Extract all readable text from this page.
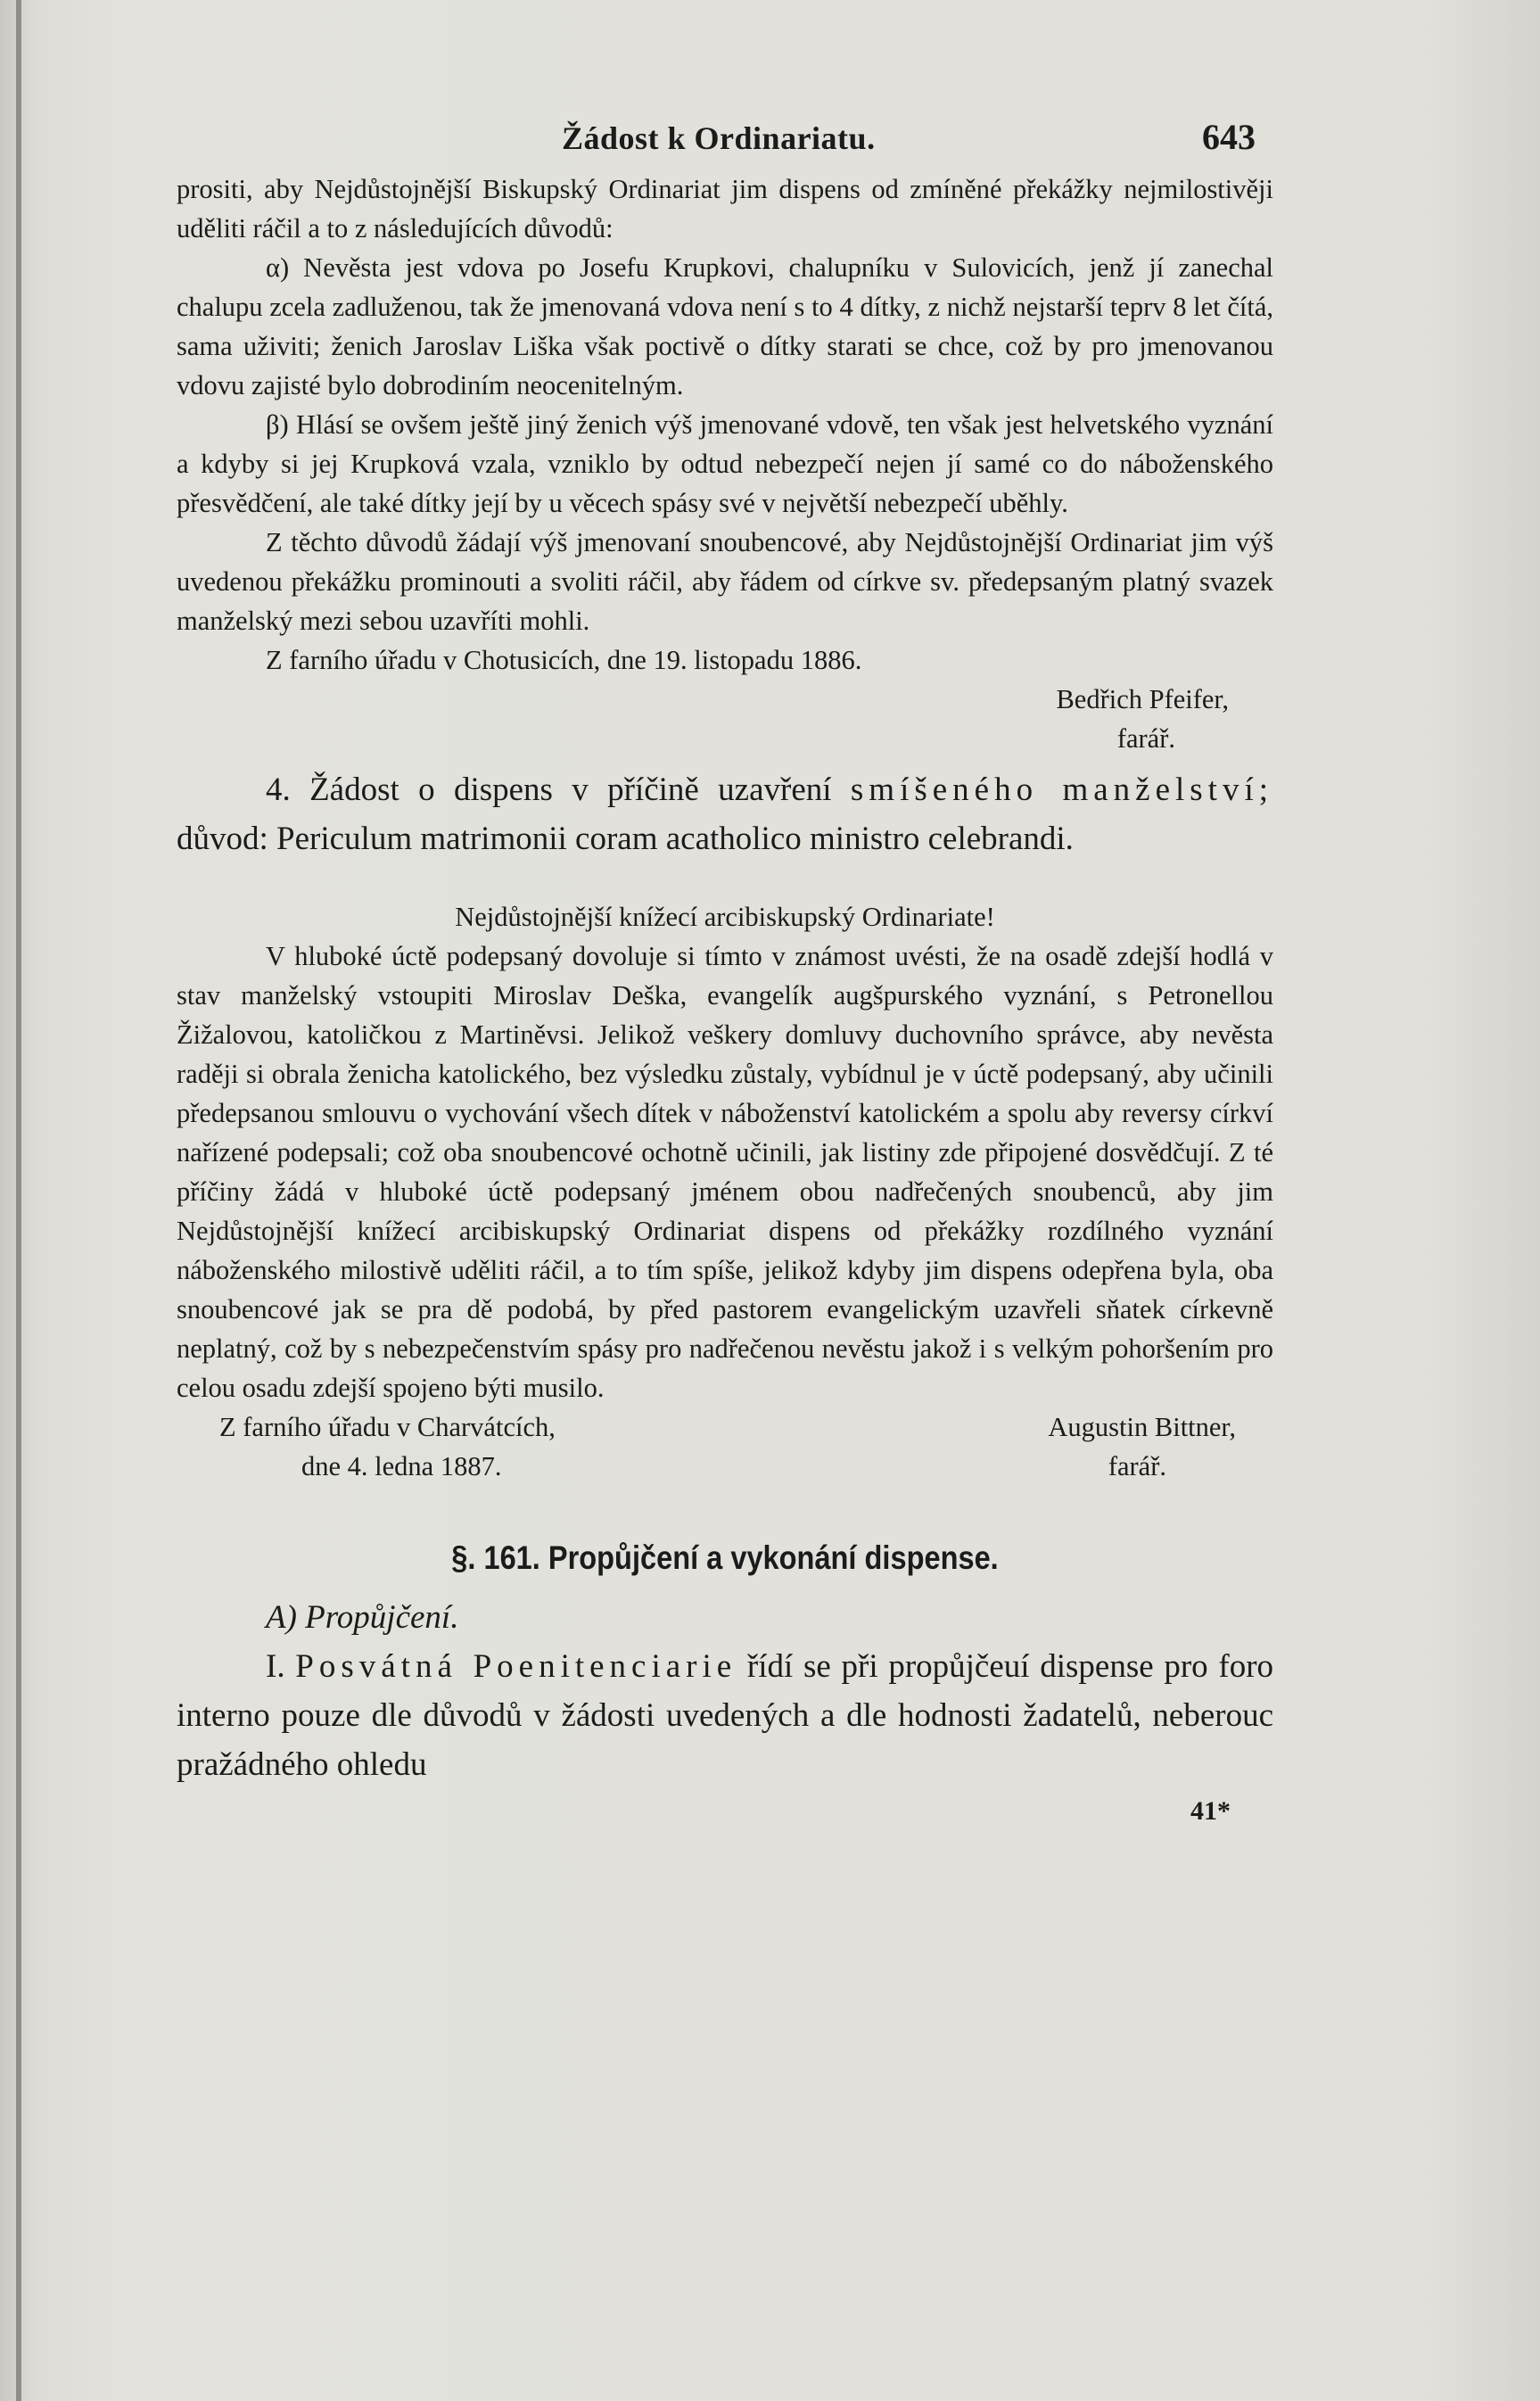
Žádost k Ordinariatu.	643

prositi, aby Nejdůstojnější Biskupský Ordinariat jim dispens od zmíněné překážky nejmilostivěji uděliti ráčil a to z následujících důvodů:

α) Nevěsta jest vdova po Josefu Krupkovi, chalupníku v Sulovicích, jenž jí zanechal chalupu zcela zadluženou, tak že jmenovaná vdova není s to 4 dítky, z nichž nejstarší teprv 8 let čítá, sama uživiti; ženich Jaroslav Liška však poctivě o dítky starati se chce, což by pro jmenovanou vdovu zajisté bylo dobrodiním neocenitelným.

β) Hlásí se ovšem ještě jiný ženich výš jmenované vdově, ten však jest helvetského vyznání a kdyby si jej Krupková vzala, vzniklo by odtud nebezpečí nejen jí samé co do náboženského přesvědčení, ale také dítky její by u věcech spásy své v největší nebezpečí uběhly.

Z těchto důvodů žádají výš jmenovaní snoubencové, aby Nejdůstojnější Ordinariat jim výš uvedenou překážku prominouti a svoliti ráčil, aby řádem od církve sv. předepsaným platný svazek manželský mezi sebou uzavříti mohli.

Z farního úřadu v Chotusicích, dne 19. listopadu 1886.

Bedřich Pfeifer,

farář.

4. Žádost o dispens v příčině uzavření smíšeného manželství; důvod: Periculum matrimonii coram acatholico ministro celebrandi.

Nejdůstojnější knížecí arcibiskupský Ordinariate!

V hluboké úctě podepsaný dovoluje si tímto v známost uvésti, že na osadě zdejší hodlá v stav manželský vstoupiti Miroslav Deška, evangelík augšpurského vyznání, s Petronellou Žižalovou, katoličkou z Martiněvsi. Jelikož veškery domluvy duchovního správce, aby nevěsta raději si obrala ženicha katolického, bez výsledku zůstaly, vybídnul je v úctě podepsaný, aby učinili předepsanou smlouvu o vychování všech dítek v náboženství katolickém a spolu aby reversy církví nařízené podepsali; což oba snoubencové ochotně učinili, jak listiny zde připojené dosvědčují. Z té příčiny žádá v hluboké úctě podepsaný jménem obou nadřečených snoubenců, aby jim Nejdůstojnější knížecí arcibiskupský Ordinariat dispens od překážky rozdílného vyznání náboženského milostivě uděliti ráčil, a to tím spíše, jelikož kdyby jim dispens odepřena byla, oba snoubencové jak se pra dě podobá, by před pastorem evangelickým uzavřeli sňatek církevně neplatný, což by s nebezpečenstvím spásy pro nadřečenou nevěstu jakož i s velkým pohoršením pro celou osadu zdejší spojeno býti musilo.

Z farního úřadu v Charvátcích,	Augustin Bittner,
dne 4. ledna 1887.	farář.
§. 161. Propůjčení a vykonání dispense.

A) Propůjčení.

I. Posvátná Poenitenciarie řídí se při propůjčeuí dispense pro foro interno pouze dle důvodů v žádosti uvedených a dle hodnosti žadatelů, neberouc pražádného ohledu

41*
